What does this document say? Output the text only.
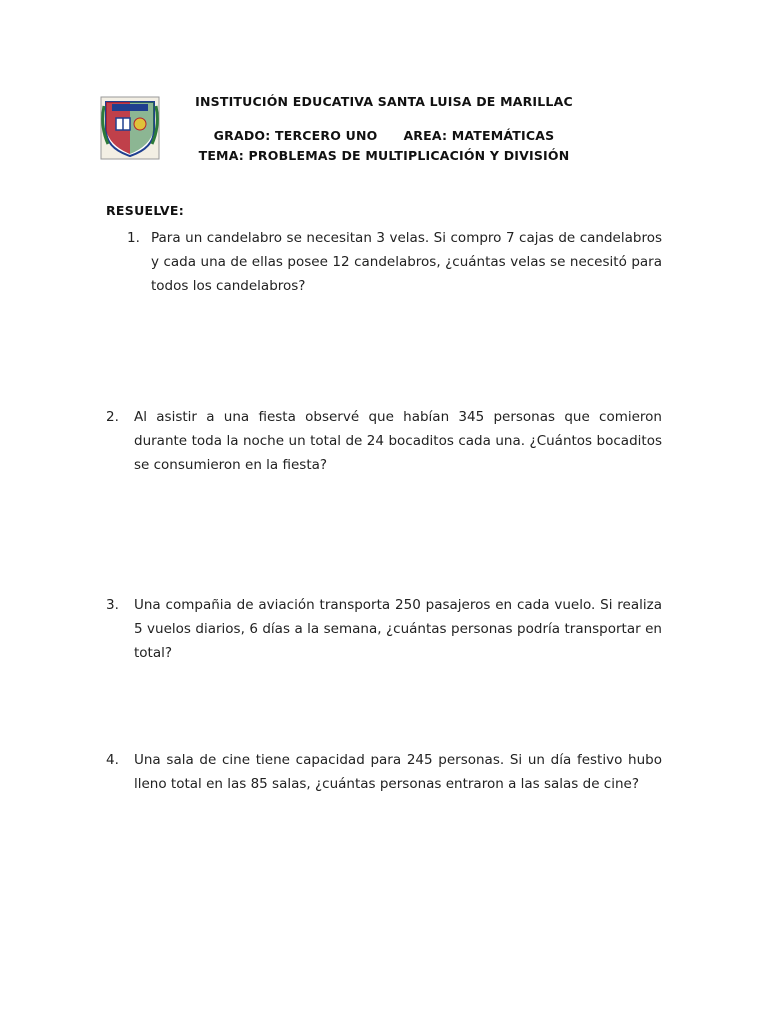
INSTITUCIÓN EDUCATIVA SANTA LUISA DE MARILLAC
GRADO: TERCERO UNO AREA: MATEMÁTICAS
TEMA: PROBLEMAS DE MULTIPLICACIÓN Y DIVISIÓN
RESUELVE:
1. Para un candelabro se necesitan 3 velas. Si compro 7 cajas de candelabros y cada una de ellas posee 12 candelabros, ¿cuántas velas se necesitó para todos los candelabros?
2. Al asistir a una fiesta observé que habían 345 personas que comieron durante toda la noche un total de 24 bocaditos cada una. ¿Cuántos bocaditos se consumieron en la fiesta?
3. Una compañia de aviación transporta 250 pasajeros en cada vuelo. Si realiza 5 vuelos diarios, 6 días a la semana, ¿cuántas personas podría transportar en total?
4. Una sala de cine tiene capacidad para 245 personas. Si un día festivo hubo lleno total en las 85 salas, ¿cuántas personas entraron a las salas de cine?
